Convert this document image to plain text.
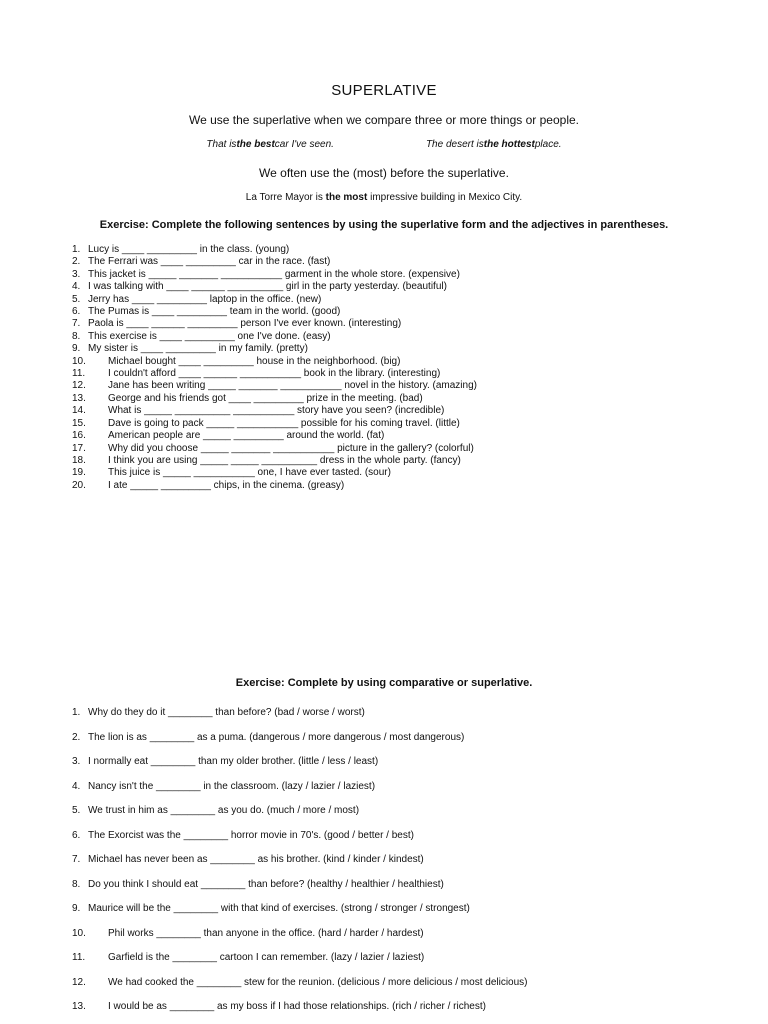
SUPERLATIVE
We use the superlative when we compare three or more things or people.
That isthe bestcar I've seen.	The desert isthe hottestplace.
We often use the (most) before the superlative.
La Torre Mayor is the most impressive building in Mexico City.
Exercise: Complete the following sentences by using the superlative form and the adjectives in parentheses.
1. Lucy is ____ _________ in the class. (young)
2. The Ferrari was ____ _________ car in the race. (fast)
3. This jacket is _____ _______ ___________ garment in the whole store. (expensive)
4. I was talking with ____ ______ __________ girl in the party yesterday. (beautiful)
5. Jerry has ____ _________ laptop in the office. (new)
6. The Pumas is ____ _________ team in the world. (good)
7. Paola is ____ ______ _________ person I've ever known. (interesting)
8. This exercise is ____ _________ one I've done. (easy)
9. My sister is ____ _________ in my family. (pretty)
10. Michael bought ____ _________ house in the neighborhood. (big)
11. I couldn't afford ____ ______ ___________ book in the library. (interesting)
12. Jane has been writing _____ _______ ___________ novel in the history. (amazing)
13. George and his friends got ____ _________ prize in the meeting. (bad)
14. What is _____ __________ ___________ story have you seen? (incredible)
15. Dave is going to pack _____ ___________ possible for his coming travel. (little)
16. American people are _____ _________ around the world. (fat)
17. Why did you choose _____ _______ ___________ picture in the gallery? (colorful)
18. I think you are using _____ _____ __________ dress in the whole party. (fancy)
19. This juice is _____ ___________ one, I have ever tasted. (sour)
20. I ate _____ _________ chips, in the cinema. (greasy)
Exercise: Complete by using comparative or superlative.
1. Why do they do it ________ than before? (bad / worse / worst)
2. The lion is as ________ as a puma. (dangerous / more dangerous / most dangerous)
3. I normally eat ________ than my older brother. (little / less / least)
4. Nancy isn't the ________ in the classroom. (lazy / lazier / laziest)
5. We trust in him as ________ as you do. (much / more / most)
6. The Exorcist was the ________ horror movie in 70's. (good / better / best)
7. Michael has never been as ________ as his brother. (kind / kinder / kindest)
8. Do you think I should eat ________ than before? (healthy / healthier / healthiest)
9. Maurice will be the ________ with that kind of exercises. (strong / stronger / strongest)
10. Phil works ________ than anyone in the office. (hard / harder / hardest)
11. Garfield is the ________ cartoon I can remember. (lazy / lazier / laziest)
12. We had cooked the ________ stew for the reunion. (delicious / more delicious / most delicious)
13. I would be as ________ as my boss if I had those relationships. (rich / richer / richest)
